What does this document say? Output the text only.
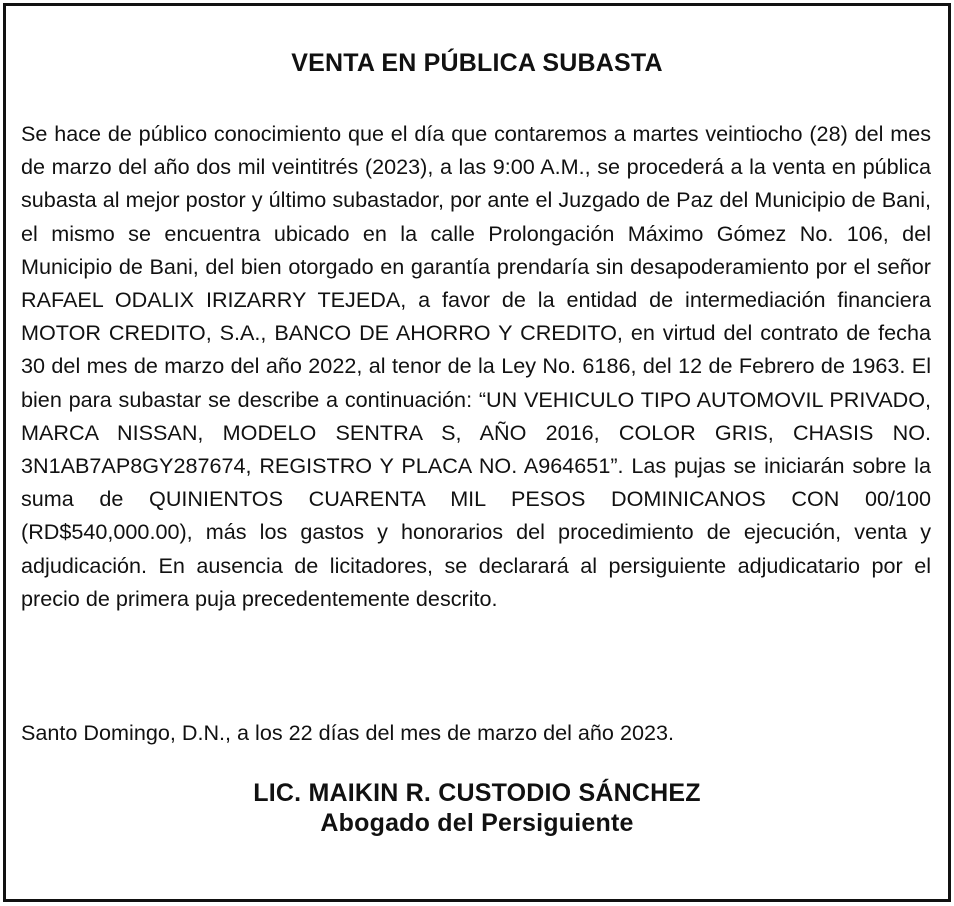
VENTA EN PÚBLICA SUBASTA

Se hace de público conocimiento que el día que contaremos a martes veintiocho (28) del mes de marzo del año dos mil veintitrés (2023), a las 9:00 A.M., se procederá a la venta en pública subasta al mejor postor y último subastador, por ante el Juzgado de Paz del Municipio de Bani, el mismo se encuentra ubicado en la calle Prolongación Máximo Gómez No. 106, del Municipio de Bani, del bien otorgado en garantía prendaría sin desapoderamiento por el señor RAFAEL ODALIX IRIZARRY TEJEDA, a favor de la entidad de intermediación financiera MOTOR CREDITO, S.A., BANCO DE AHORRO Y CREDITO, en virtud del contrato de fecha 30 del mes de marzo del año 2022, al tenor de la Ley No. 6186, del 12 de Febrero de 1963. El bien para subastar se describe a continuación: “UN VEHICULO TIPO AUTOMOVIL PRIVADO, MARCA NISSAN, MODELO SENTRA S, AÑO 2016, COLOR GRIS, CHASIS NO. 3N1AB7AP8GY287674, REGISTRO Y PLACA NO. A964651”. Las pujas se iniciarán sobre la suma de QUINIENTOS CUARENTA MIL PESOS DOMINICANOS CON 00/100 (RD$540,000.00), más los gastos y honorarios del procedimiento de ejecución, venta y adjudicación. En ausencia de licitadores, se declarará al persiguiente adjudicatario por el precio de primera puja precedentemente descrito.

Santo Domingo, D.N., a los 22 días del mes de marzo del año 2023.

LIC. MAIKIN R. CUSTODIO SÁNCHEZ
Abogado del Persiguiente
